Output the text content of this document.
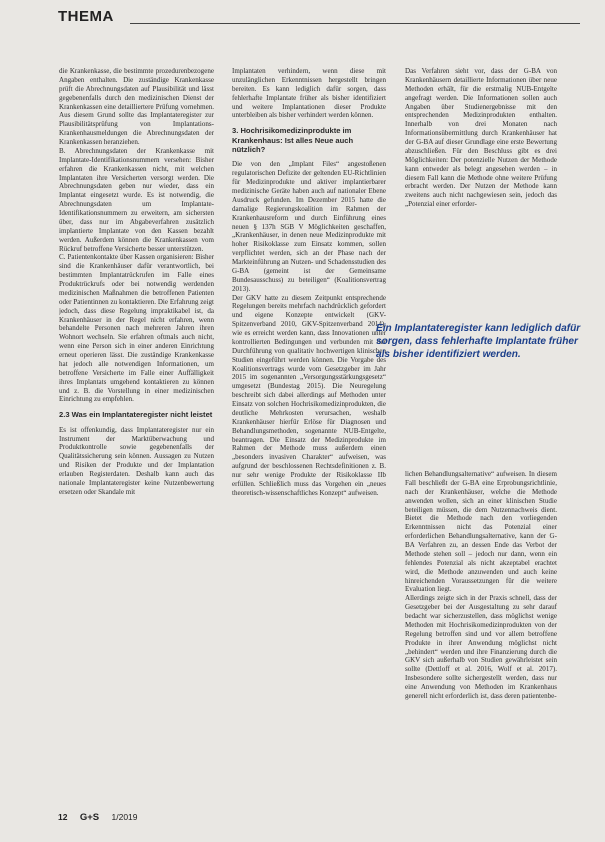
THEMA

die Krankenkasse, die bestimmte prozedurenbezogene Angaben enthalten. Die zuständige Krankenkasse prüft die Abrechnungsdaten auf Plausibilität und lässt gegebenenfalls durch den medizinischen Dienst der Krankenkassen eine detailliertere Prüfung vornehmen. Aus diesem Grund sollte das Implantateregister zur Plausibilitätsprüfung von Implantations-Krankenhausmeldungen die Abrechnungsdaten der Krankenkassen heranziehen.

B. Abrechnungsdaten der Krankenkasse mit Implantate-Identifikationsnummern versehen: Bisher erfahren die Krankenkassen nicht, mit welchen Implantaten ihre Versicherten versorgt werden. Die Abrechnungsdaten geben nur wieder, dass ein Implantat eingesetzt wurde. Es ist notwendig, die Abrechnungsdaten um Implantate-Identifikationsnummern zu erweitern, am sichersten über, dass nur im Abgabeverfahren zusätzlich implantierte Implantate von den Kassen bezahlt werden. Außerdem können die Krankenkassen vom Rückruf betroffene Versicherte besser unterstützen.

C. Patientenkontakte über Kassen organisieren: Bisher sind die Krankenhäuser dafür verantwortlich, bei bestimmten Implantatrückrufen im Falle eines Produktrückrufs oder bei notwendig werdenden medizinischen Maßnahmen die betroffenen Patienten oder Patientinnen zu kontaktieren. Die Erfahrung zeigt jedoch, dass diese Regelung impraktikabel ist, da Krankenhäuser in der Regel nicht erfahren, wenn behandelte Personen nach mehreren Jahren ihren Wohnort wechseln. Sie erfahren oftmals auch nicht, wenn eine Person sich in einer anderen Einrichtung erneut operieren lässt. Die zuständige Krankenkasse hat jedoch alle notwendigen Informationen, um betroffene Versicherte im Falle einer Auffälligkeit ihres Implantats umgehend kontaktieren zu können und z. B. die Vorstellung in einer medizinischen Einrichtung zu empfehlen.

2.3 Was ein Implantateregister nicht leistet

Es ist offenkundig, dass Implantateregister nur ein Instrument der Marktüberwachung und Produktkontrolle sowie gegebenenfalls der Qualitätssicherung sein können. Aussagen zu Nutzen und Risiken der Produkte und der Implantation erlauben Registerdaten. Deshalb kann auch das nationale Implantateregister keine Nutzenbewertung ersetzen oder Skandale mit

Implantaten verhindern, wenn diese mit unzulänglichen Erkenntnissen hergestellt bringen bereiten. Es kann lediglich dafür sorgen, dass fehlerhafte Implantate früher als bisher identifiziert und weitere Implantationen dieser Produkte unterbleiben als bisher verhindert werden können.

3. Hochrisikomedizinprodukte im Krankenhaus: Ist alles Neue auch nützlich?

Die von den „Implant Files“ angestoßenen regulatorischen Defizite der geltenden EU-Richtlinien für Medizinprodukte und aktiver implantierbarer medizinische Geräte haben auch auf nationaler Ebene Ausdruck gefunden. Im Dezember 2015 hatte die damalige Regierungskoalition im Rahmen der Krankenhausreform und durch Einführung eines neuen § 137h SGB V Möglichkeiten geschaffen, „Krankenhäuser, in denen neue Medizinprodukte mit hoher Risikoklasse zum Einsatz kommen, sollen verpflichtet werden, sich an der Phase nach der Markteinführung an Nutzen- und Schadensstudien des G-BA (gemeint ist der Gemeinsame Bundesausschuss) zu beteiligen“ (Koalitionsvertrag 2013).

Der GKV hatte zu diesem Zeitpunkt entsprechende Regelungen bereits mehrfach nachdrücklich gefordert und eigene Konzepte entwickelt (GKV-Spitzenverband 2010, GKV-Spitzenverband 2014), wie es erreicht werden kann, dass Innovationen unter kontrollierten Bedingungen und verbunden mit der Durchführung von qualitativ hochwertigen klinischen Studien eingeführt werden können. Die Vorgabe des Koalitionsvertrags wurde vom Gesetzgeber im Jahr 2015 im sogenannten „Versorgungsstärkungsgesetz“ umgesetzt (Bundestag 2015). Die Neuregelung beschreibt sich dabei allerdings auf Methoden unter Einsatz von solchen Hochrisikomedizinprodukten, die deutliche Mehrkosten verursachen, weshalb Krankenhäuser hierfür Erlöse für Diagnosen und Behandlungsmethoden, sogenannte NUB-Entgelte, beantragen. Die Einsatz der Medizinprodukte im Rahmen der Methode muss außerdem einen „besonders invasiven Charakter“ aufweisen, was aufgrund der beschlossenen Rechtsdefinitionen z. B. nur sehr wenige Produkte der Risikoklasse IIb erfüllen. Schließlich muss das Vorgehen ein „neues theoretisch-wissenschaftliches Konzept“ aufweisen.

Das Verfahren sieht vor, dass der G-BA von Krankenhäusern detaillierte Informationen über neue Methoden erhält, für die erstmalig NUB-Entgelte angefragt werden. Die Informationen sollen auch Angaben über Studienergebnisse mit den entsprechenden Medizinprodukten enthalten. Innerhalb von drei Monaten nach Informationsübermittlung durch Krankenhäuser hat der G-BA auf dieser Grundlage eine erste Bewertung abzuschließen. Für den Beschluss gibt es drei Möglichkeiten: Der potenzielle Nutzen der Methode kann entweder als belegt angesehen werden – in diesem Fall kann die Methode ohne weitere Prüfung erbracht werden. Der Nutzen der Methode kann zweitens auch nicht nachgewiesen sein, jedoch das „Potenzial einer erforder-

Ein Implantateregister kann lediglich dafür sorgen, dass fehlerhafte Implantate früher als bisher identifiziert werden.

lichen Behandlungsalternative“ aufweisen. In diesem Fall beschließt der G-BA eine Erprobungsrichtlinie, nach der Krankenhäuser, welche die Methode anwenden wollen, sich an einer klinischen Studie beteiligen müssen, die dem Nutzennachweis dient. Bietet die Methode nach den vorliegenden Erkenntnissen nicht das Potenzial einer erforderlichen Behandlungsalternative, kann der G-BA Verfahren zu, an dessen Ende das Verbot der Methode stehen soll – jedoch nur dann, wenn ein fehlendes Potenzial als nicht akzeptabel erachtet wird, die Methode anzuwenden und auch keine hinreichenden Voraussetzungen für die weitere Evaluation liegt.

Allerdings zeigte sich in der Praxis schnell, dass der Gesetzgeber bei der Ausgestaltung zu sehr darauf bedacht war sicherzustellen, dass möglichst wenige Methoden mit Hochrisikomedizinprodukten von der Regelung betroffen sind und vor allem betroffene Produkte in ihrer Anwendung möglichst nicht „behindert“ werden und ihre Finanzierung durch die GKV sich außerhalb von Studien gewährleistet sein sollte (Dettloff et al. 2016, Wolf et al. 2017). Insbesondere sollte sichergestellt werden, dass nur eine Anwendung von Methoden im Krankenhaus generell nicht erforderlich ist, dass deren patientenbe-

12 G+S 1/2019
